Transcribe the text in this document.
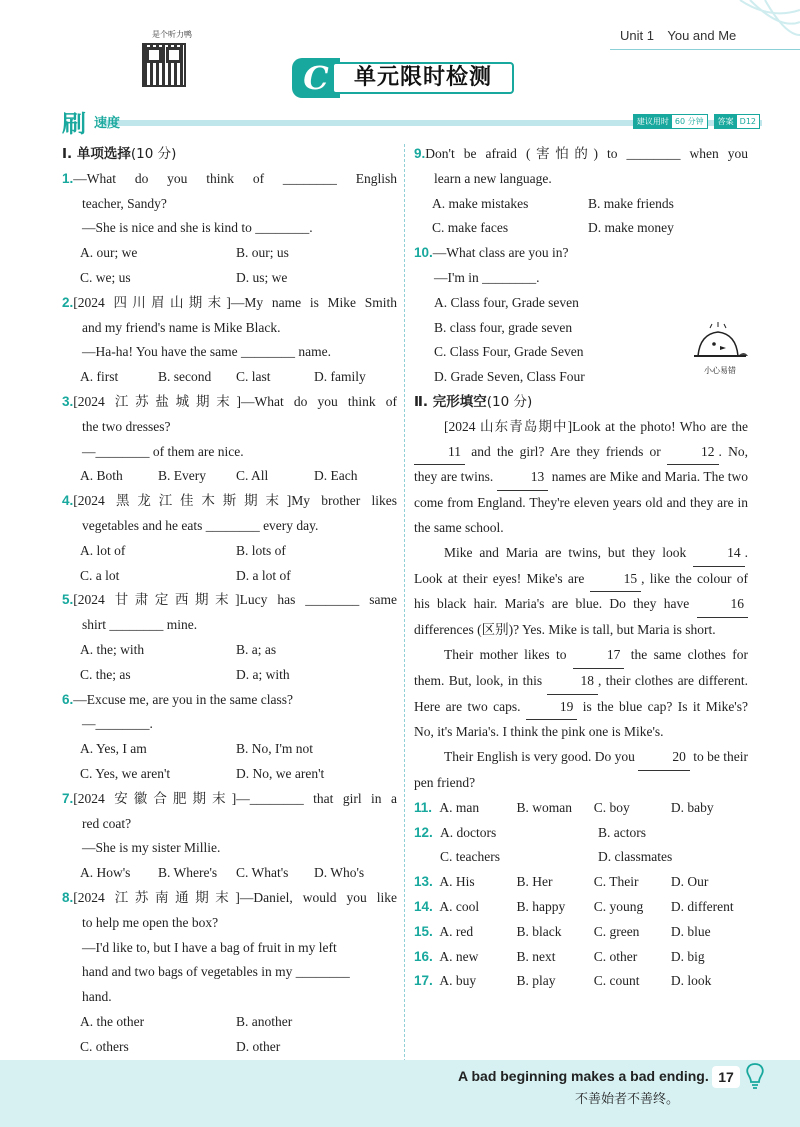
是个听力鸭	Unit 1 You and Me
C	单元限时检测
刷 速度	建议用时 60 分钟	答案 D12
Ⅰ. 单项选择(10 分)
1.—What do you think of ________ English
teacher, Sandy?
—She is nice and she is kind to ________.
A. our; we	B. our; us
C. we; us	D. us; we
2.[2024 四川眉山期末]—My name is Mike Smith
and my friend's name is Mike Black.
—Ha-ha! You have the same ________ name.
A. first	B. second	C. last	D. family
3.[2024 江苏盐城期末]—What do you think of
the two dresses?
—________ of them are nice.
A. Both	B. Every	C. All	D. Each
4.[2024 黑龙江佳木斯期末]My brother likes
vegetables and he eats ________ every day.
A. lot of	B. lots of
C. a lot	D. a lot of
5.[2024 甘肃定西期末]Lucy has ________ same
shirt ________ mine.
A. the; with	B. a; as
C. the; as	D. a; with
6.—Excuse me, are you in the same class?
—________.
A. Yes, I am	B. No, I'm not
C. Yes, we aren't	D. No, we aren't
7.[2024 安徽合肥期末]—________ that girl in a
red coat?
—She is my sister Millie.
A. How's	B. Where's	C. What's	D. Who's
8.[2024 江苏南通期末]—Daniel, would you like
to help me open the box?
—I'd like to, but I have a bag of fruit in my left
hand and two bags of vegetables in my ________
hand.
A. the other	B. another
C. others	D. other
9.Don't be afraid (害怕的) to ________ when you
learn a new language.
A. make mistakes	B. make friends
C. make faces	D. make money
10.—What class are you in?
—I'm in ________.
A. Class four, Grade seven
B. class four, grade seven
C. Class Four, Grade Seven
D. Grade Seven, Class Four
Ⅱ. 完形填空(10 分)
[2024 山东青岛期中]Look at the photo! Who are the 11 and the girl? Are they friends or	12 . No, they are twins.	13 names are Mike and Maria. The two come from England. They're eleven years old and they are in the same school.
Mike and Maria are twins, but they look	14 . Look at their eyes! Mike's are	15 , like the colour of his black hair. Maria's are blue. Do they have	16 differences (区别)? Yes. Mike is tall, but Maria is short.
Their mother likes to	17 the same clothes for them. But, look, in this	18 , their clothes are different. Here are two caps.	19 is the blue cap? Is it Mike's? No, it's Maria's. I think the pink one is Mike's.
Their English is very good. Do you	20 to be their pen friend?
11. A. man	B. woman	C. boy	D. baby
12. A. doctors	B. actors
C. teachers	D. classmates
13. A. His	B. Her	C. Their	D. Our
14. A. cool	B. happy	C. young	D. different
15. A. red	B. black	C. green	D. blue
16. A. new	B. next	C. other	D. big
17. A. buy	B. play	C. count	D. look
小心易错
A bad beginning makes a bad ending.
不善始者不善终。
17
